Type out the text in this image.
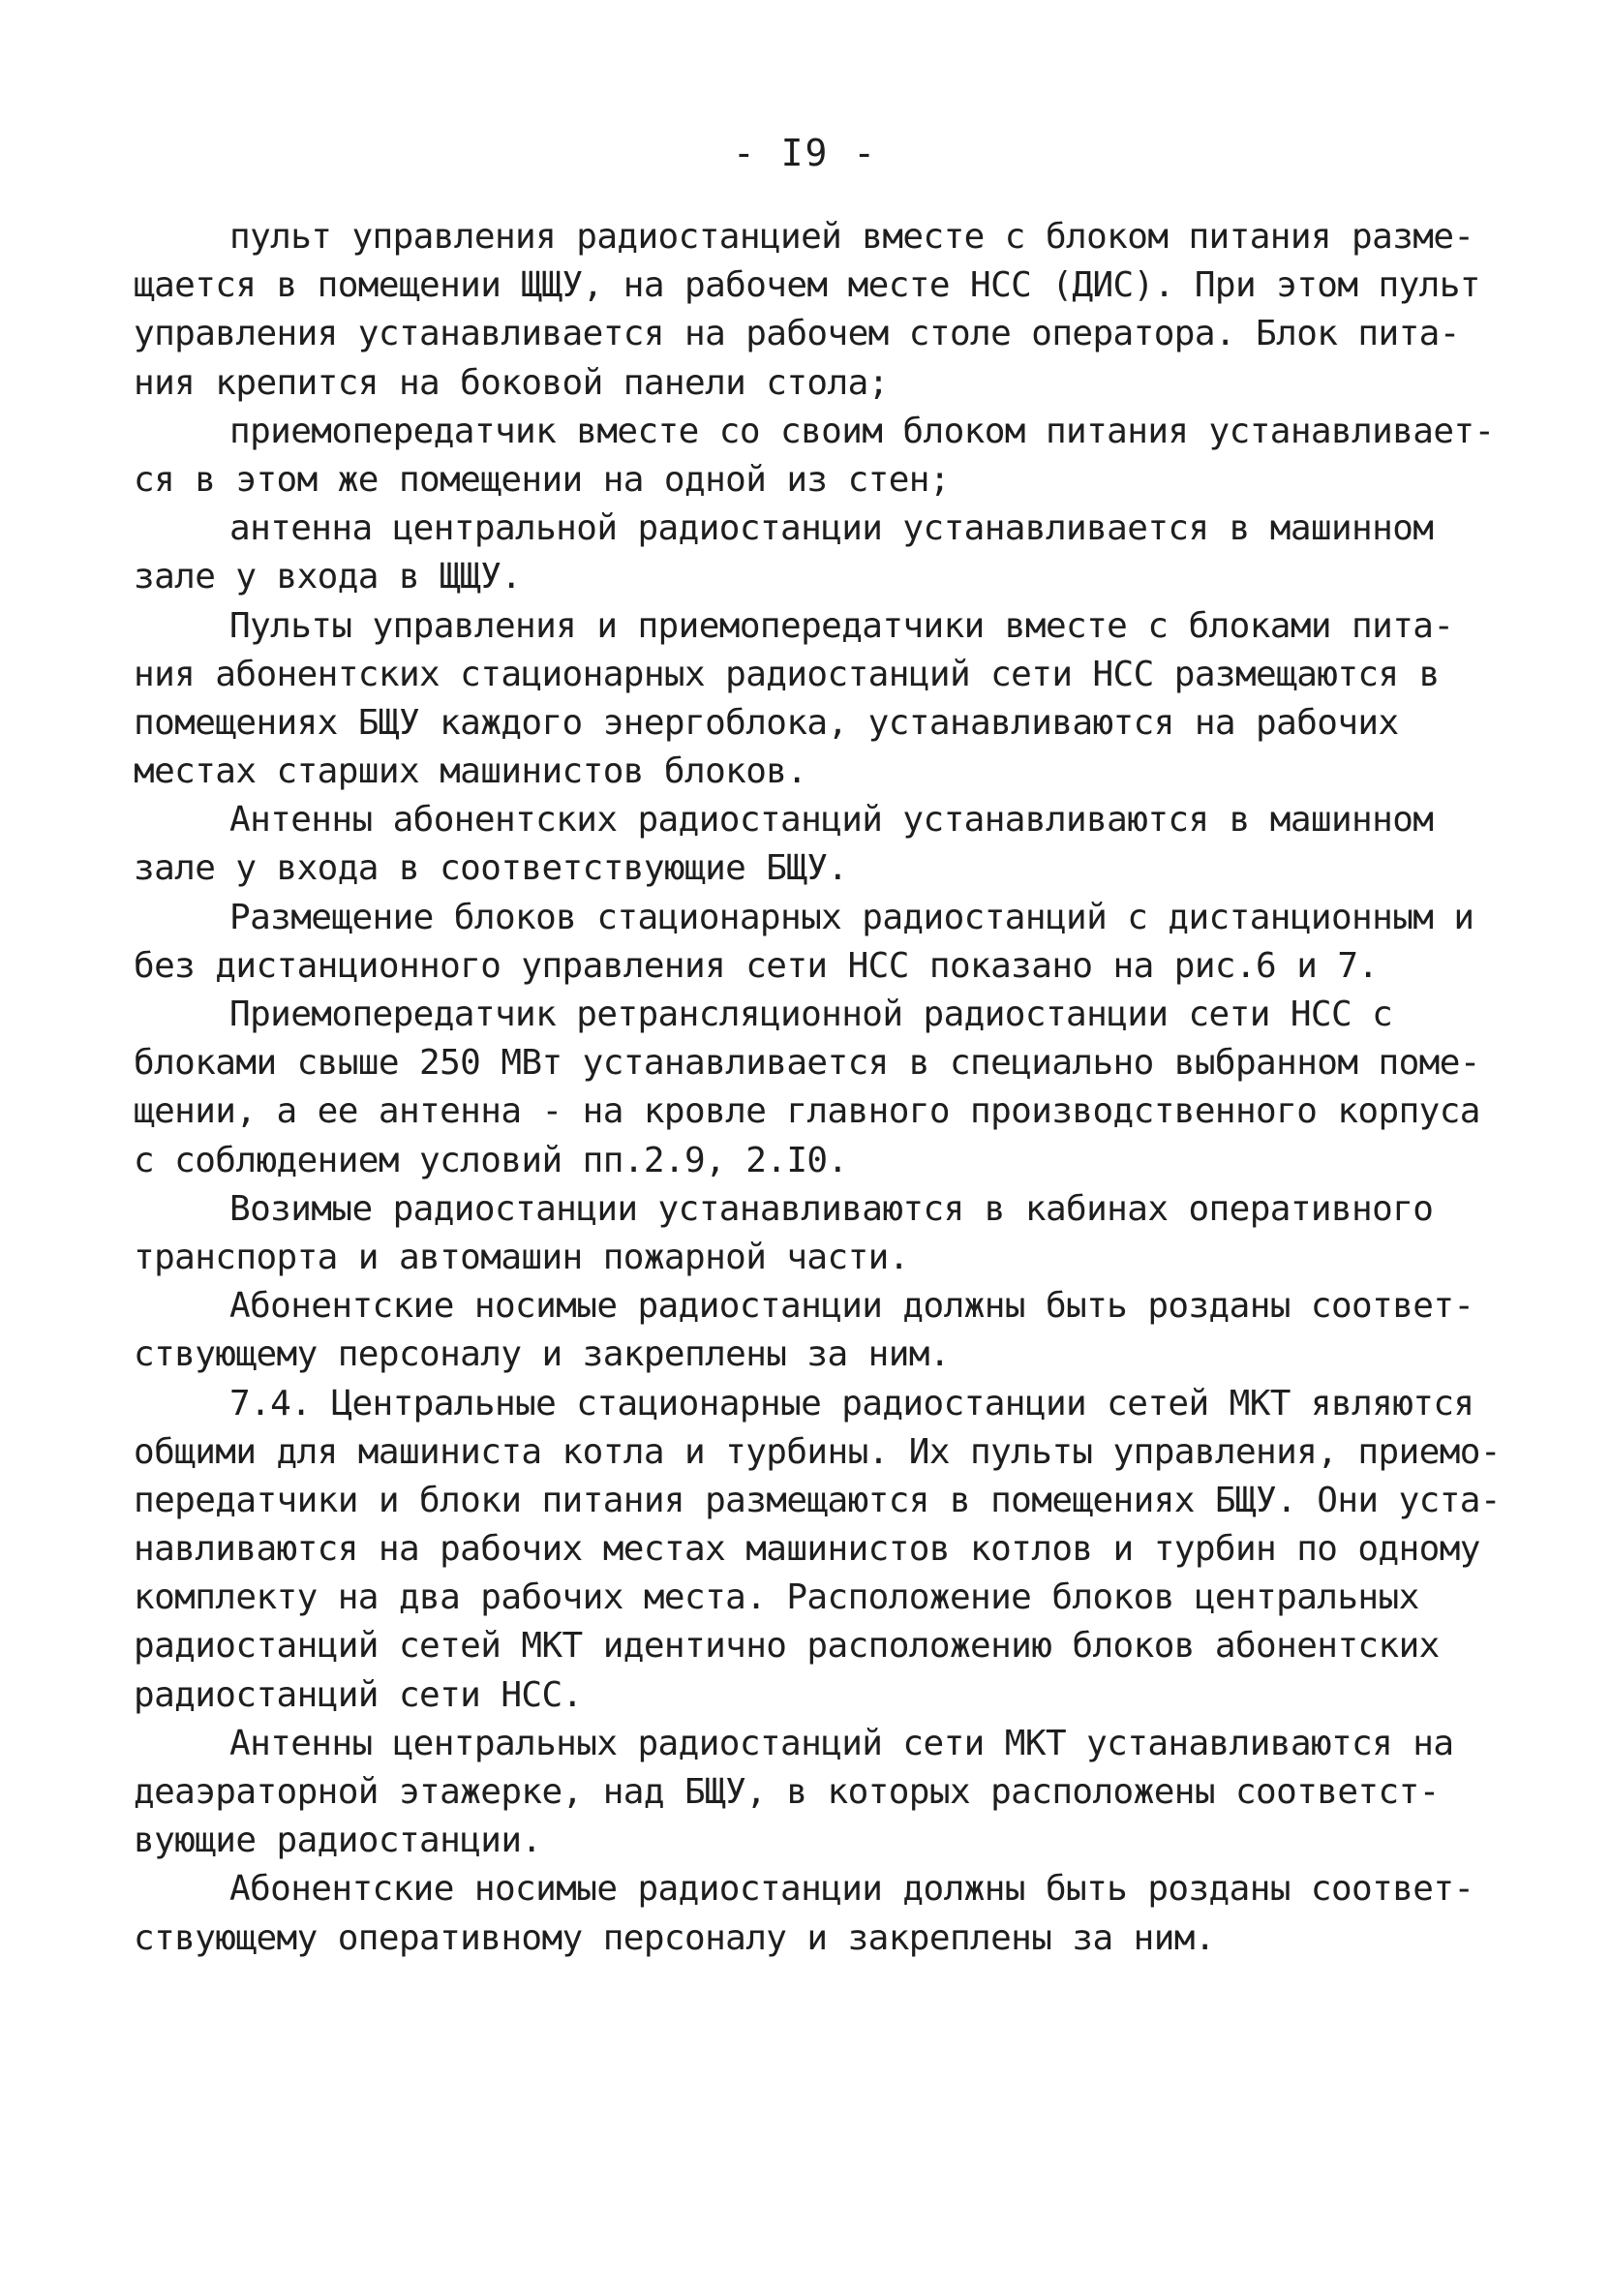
- I9 -
пульт управления радиостанцией вместе с блоком питания разме-
щается в помещении ЩЩУ, на рабочем месте НСС (ДИС). При этом пульт
управления устанавливается на рабочем столе оператора. Блок пита-
ния крепится на боковой панели стола;
приемопередатчик вместе со своим блоком питания устанавливает-
ся в этом же помещении на одной из стен;
антенна центральной радиостанции устанавливается в машинном
зале у входа в ЩЩУ.
Пульты управления и приемопередатчики вместе с блоками пита-
ния абонентских стационарных радиостанций сети НСС размещаются в
помещениях БЩУ каждого энергоблока, устанавливаются на рабочих
местах старших машинистов блоков.
Антенны абонентских радиостанций устанавливаются в машинном
зале у входа в соответствующие БЩУ.
Размещение блоков стационарных радиостанций с дистанционным и
без дистанционного управления сети НСС показано на рис.6 и 7.
Приемопередатчик ретрансляционной радиостанции сети НСС с
блоками свыше 250 МВт устанавливается в специально выбранном поме-
щении, а ее антенна - на кровле главного производственного корпуса
с соблюдением условий пп.2.9, 2.I0.
Возимые радиостанции устанавливаются в кабинах оперативного
транспорта и автомашин пожарной части.
Абонентские носимые радиостанции должны быть розданы соответ-
ствующему персоналу и закреплены за ним.
7.4. Центральные стационарные радиостанции сетей МКТ являются
общими для машиниста котла и турбины. Их пульты управления, приемо-
передатчики и блоки питания размещаются в помещениях БЩУ. Они уста-
навливаются на рабочих местах машинистов котлов и турбин по одному
комплекту на два рабочих места. Расположение блоков центральных
радиостанций сетей МКТ идентично расположению блоков абонентских
радиостанций сети НСС.
Антенны центральных радиостанций сети МКТ устанавливаются на
деаэраторной этажерке, над БЩУ, в которых расположены соответст-
вующие радиостанции.
Абонентские носимые радиостанции должны быть розданы соответ-
ствующему оперативному персоналу и закреплены за ним.
